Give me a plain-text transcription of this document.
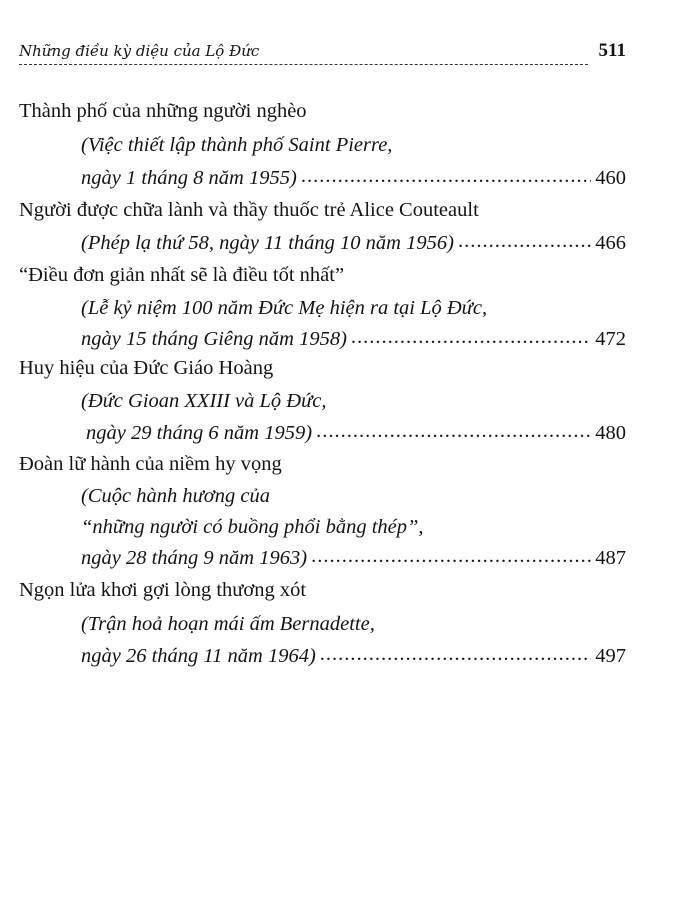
Những điều kỳ diệu của Lộ Đức	511
Thành phố của những người nghèo
(Việc thiết lập thành phố Saint Pierre,
ngày 1 tháng 8 năm 1955) .....	460
Người được chữa lành và thầy thuốc trẻ Alice Couteault
(Phép lạ thứ 58, ngày 11 tháng 10 năm 1956) .....	466
“Điều đơn giản nhất sẽ là điều tốt nhất”
(Lễ kỷ niệm 100 năm Đức Mẹ hiện ra tại Lộ Đức,
ngày 15 tháng Giêng năm 1958) .....	472
Huy hiệu của Đức Giáo Hoàng
(Đức Gioan XXIII và Lộ Đức,
ngày 29 tháng 6 năm 1959) .....	480
Đoàn lữ hành của niềm hy vọng
(Cuộc hành hương của
“những người có buồng phổi bằng thép”,
ngày 28 tháng 9 năm 1963) .....	487
Ngọn lửa khơi gợi lòng thương xót
(Trận hoả hoạn mái ấm Bernadette,
ngày 26 tháng 11 năm 1964) .....	497
